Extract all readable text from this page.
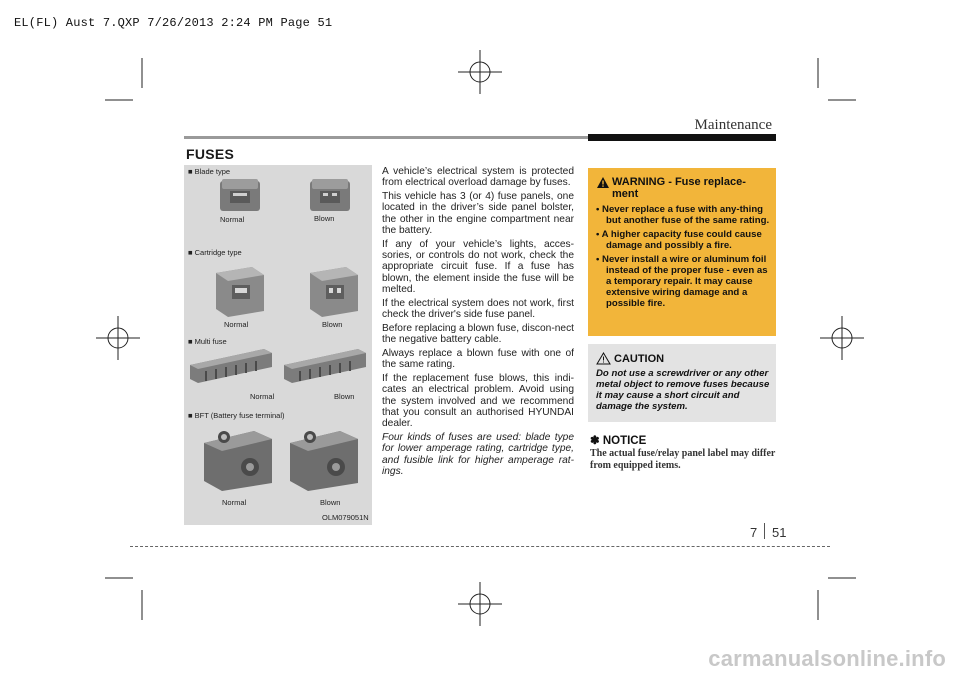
EL(FL) Aust 7.QXP 7/26/2013 2:24 PM Page 51
Maintenance
FUSES
■ Blade type
Normal	Blown
■ Cartridge type
Normal	Blown
■ Multi fuse
Normal	Blown
■ BFT (Battery fuse terminal)
Normal	Blown
OLM079051N

A vehicle’s electrical system is protected from electrical overload damage by fuses.

This vehicle has 3 (or 4) fuse panels, one located in the driver’s side panel bolster, the other in the engine compartment near the battery.

If any of your vehicle’s lights, acces-sories, or controls do not work, check the appropriate circuit fuse. If a fuse has blown, the element inside the fuse will be melted.

If the electrical system does not work, first check the driver's side fuse panel.

Before replacing a blown fuse, discon-nect the negative battery cable.

Always replace a blown fuse with one of the same rating.

If the replacement fuse blows, this indi-cates an electrical problem. Avoid using the system involved and we recommend that you consult an authorised HYUNDAI dealer.

Four kinds of fuses are used: blade type for lower amperage rating, cartridge type, and fusible link for higher amperage rat-ings.

WARNING - Fuse replace-ment
• Never replace a fuse with any-thing but another fuse of the same rating.
• A higher capacity fuse could cause damage and possibly a fire.
• Never install a wire or aluminum foil instead of the proper fuse - even as a temporary repair. It may cause extensive wiring damage and a possible fire.
CAUTION
Do not use a screwdriver or any other metal object to remove fuses because it may cause a short circuit and damage the system.
✽ NOTICE
The actual fuse/relay panel label may differ from equipped items.
7 51
carmanualsonline.info
